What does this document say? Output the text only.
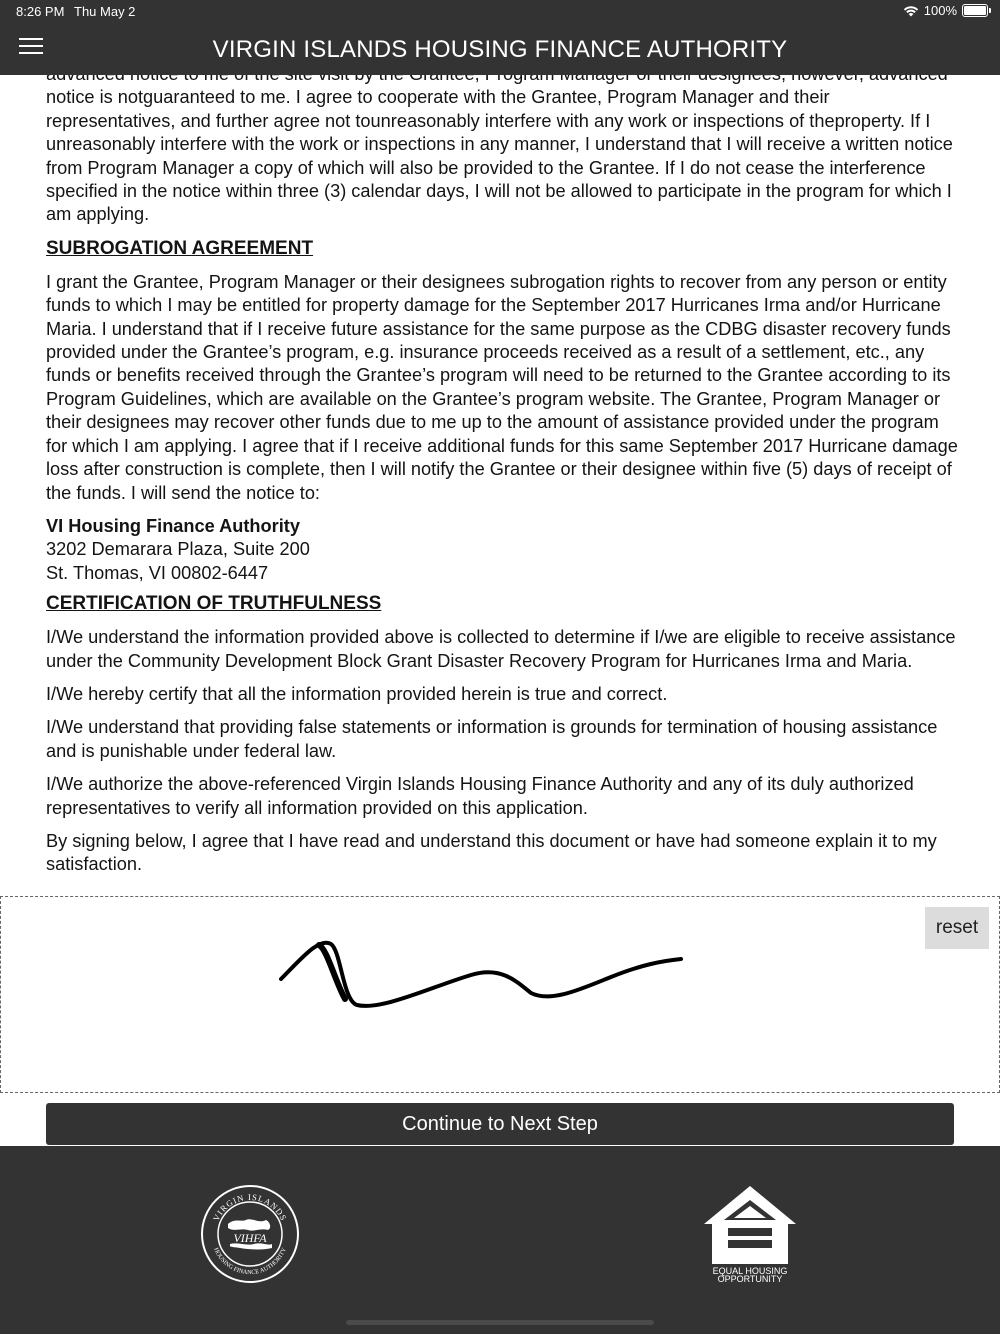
8:26 PM Thu May 2	100%
VIRGIN ISLANDS HOUSING FINANCE AUTHORITY

notice is notguaranteed to me. I agree to cooperate with the Grantee, Program Manager and their representatives, and further agree not tounreasonably interfere with any work or inspections of theproperty. If I unreasonably interfere with the work or inspections in any manner, I understand that I will receive a written notice from Program Manager a copy of which will also be provided to the Grantee. If I do not cease the interference specified in the notice within three (3) calendar days, I will not be allowed to participate in the program for which I am applying.

SUBROGATION AGREEMENT

I grant the Grantee, Program Manager or their designees subrogation rights to recover from any person or entity funds to which I may be entitled for property damage for the September 2017 Hurricanes Irma and/or Hurricane Maria. I understand that if I receive future assistance for the same purpose as the CDBG disaster recovery funds provided under the Grantee’s program, e.g. insurance proceeds received as a result of a settlement, etc., any funds or benefits received through the Grantee’s program will need to be returned to the Grantee according to its Program Guidelines, which are available on the Grantee’s program website. The Grantee, Program Manager or their designees may recover other funds due to me up to the amount of assistance provided under the program for which I am applying. I agree that if I receive additional funds for this same September 2017 Hurricane damage loss after construction is complete, then I will notify the Grantee or their designee within five (5) days of receipt of the funds. I will send the notice to:

VI Housing Finance Authority
3202 Demarara Plaza, Suite 200
St. Thomas, VI 00802-6447
CERTIFICATION OF TRUTHFULNESS

I/We understand the information provided above is collected to determine if I/we are eligible to receive assistance under the Community Development Block Grant Disaster Recovery Program for Hurricanes Irma and Maria.

I/We hereby certify that all the information provided herein is true and correct.

I/We understand that providing false statements or information is grounds for termination of housing assistance and is punishable under federal law.

I/We authorize the above-referenced Virgin Islands Housing Finance Authority and any of its duly authorized representatives to verify all information provided on this application.

By signing below, I agree that I have read and understand this document or have had someone explain it to my satisfaction.

reset
Continue to Next Step
VIRGIN ISLANDS
HOUSING FINANCE AUTHORITY
VIHFA
EQUAL HOUSING
OPPORTUNITY
